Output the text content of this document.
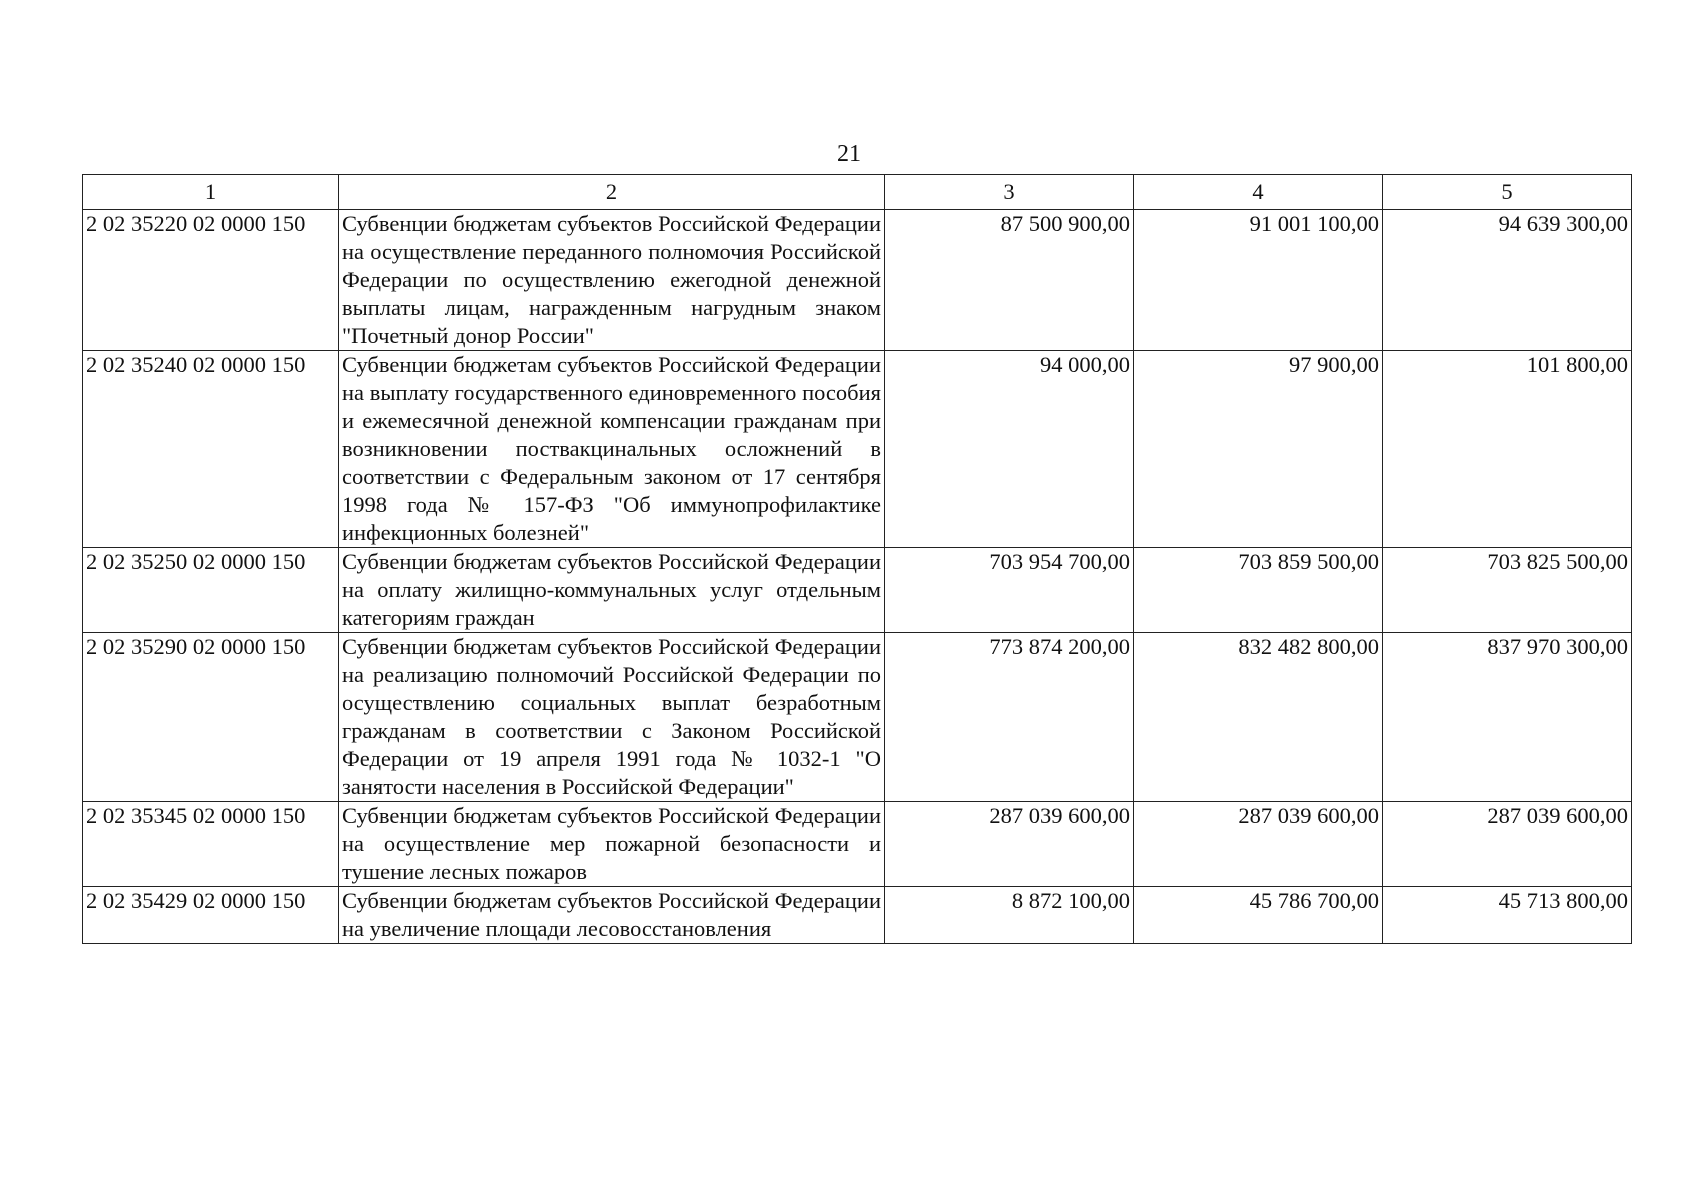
21
1	2	3	4	5
2 02 35220 02 0000 150	Субвенции бюджетам субъектов Российской Федерации на осуществление переданного полномочия Российской Федерации по осуществлению ежегодной денежной выплаты лицам, награжденным нагрудным знаком "Почетный донор России"	87 500 900,00	91 001 100,00	94 639 300,00
2 02 35240 02 0000 150	Субвенции бюджетам субъектов Российской Федерации на выплату государственного единовременного пособия и ежемесячной денежной компенсации гражданам при возникновении поствакцинальных осложнений в соответствии с Федеральным законом от 17 сентября 1998 года № 157-ФЗ "Об иммунопрофилактике инфекционных болезней"	94 000,00	97 900,00	101 800,00
2 02 35250 02 0000 150	Субвенции бюджетам субъектов Российской Федерации на оплату жилищно-коммунальных услуг отдельным категориям граждан	703 954 700,00	703 859 500,00	703 825 500,00
2 02 35290 02 0000 150	Субвенции бюджетам субъектов Российской Федерации на реализацию полномочий Российской Федерации по осуществлению социальных выплат безработным гражданам в соответствии с Законом Российской Федерации от 19 апреля 1991 года № 1032-1 "О занятости населения в Российской Федерации"	773 874 200,00	832 482 800,00	837 970 300,00
2 02 35345 02 0000 150	Субвенции бюджетам субъектов Российской Федерации на осуществление мер пожарной безопасности и тушение лесных пожаров	287 039 600,00	287 039 600,00	287 039 600,00
2 02 35429 02 0000 150	Субвенции бюджетам субъектов Российской Федерации на увеличение площади лесовосстановления	8 872 100,00	45 786 700,00	45 713 800,00
